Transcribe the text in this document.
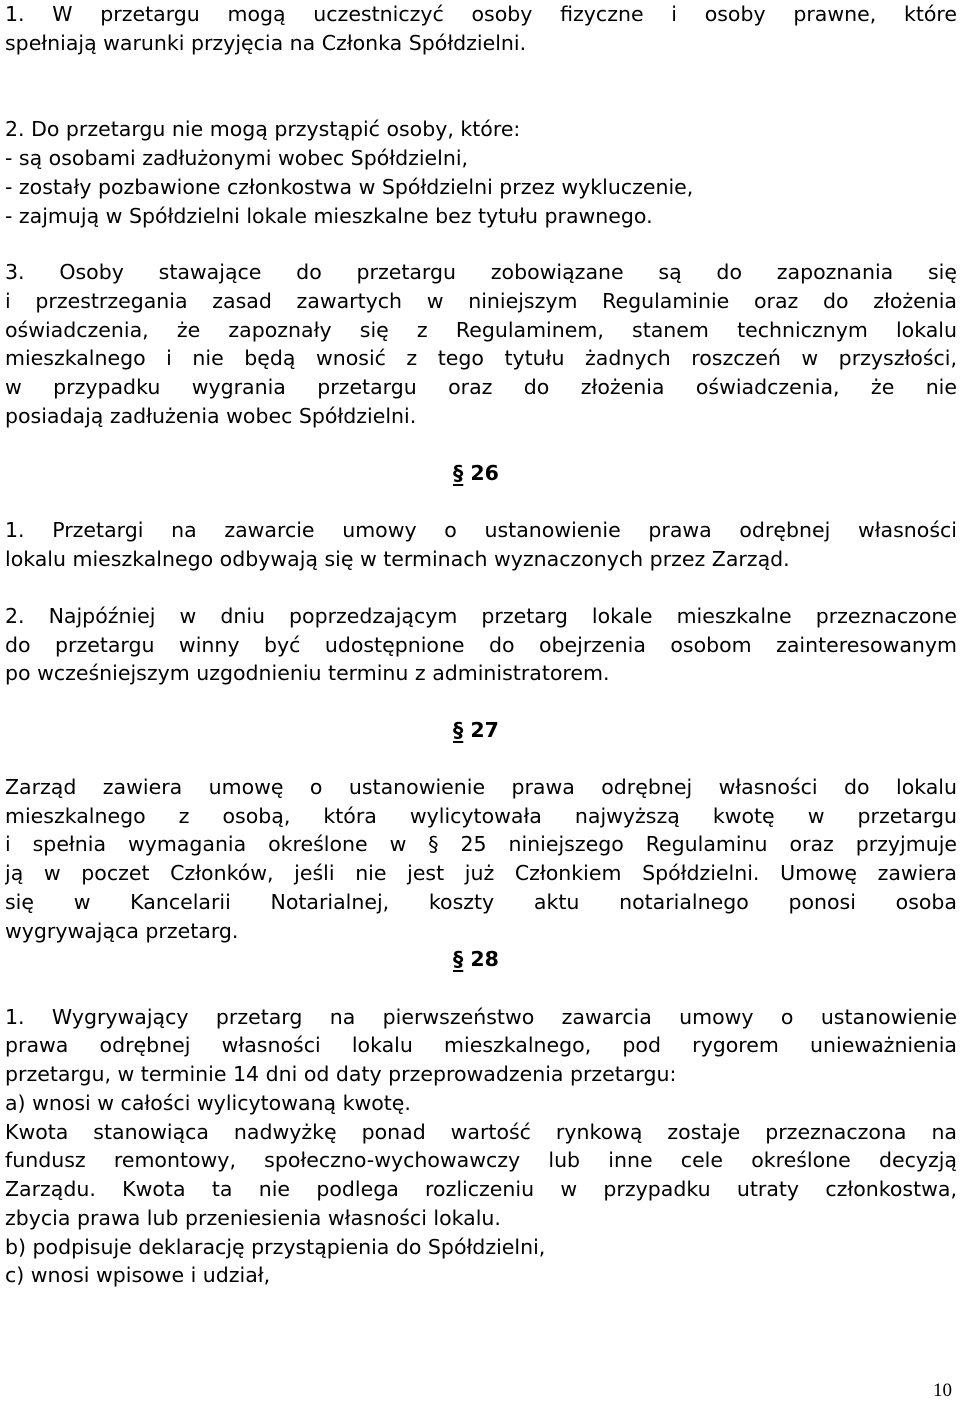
1. W przetargu mogą uczestniczyć osoby fizyczne i osoby prawne, które
spełniają warunki przyjęcia na Członka Spółdzielni.
2. Do przetargu nie mogą przystąpić osoby, które:
- są osobami zadłużonymi wobec Spółdzielni,
- zostały pozbawione członkostwa w Spółdzielni przez wykluczenie,
- zajmują w Spółdzielni lokale mieszkalne bez tytułu prawnego.
3. Osoby stawające do przetargu zobowiązane są do zapoznania się
i przestrzegania zasad zawartych w niniejszym Regulaminie oraz do złożenia
oświadczenia, że zapoznały się z Regulaminem, stanem technicznym lokalu
mieszkalnego i nie będą wnosić z tego tytułu żadnych roszczeń w przyszłości,
w przypadku wygrania przetargu oraz do złożenia oświadczenia, że nie
posiadają zadłużenia wobec Spółdzielni.
§ 26
1. Przetargi na zawarcie umowy o ustanowienie prawa odrębnej własności
lokalu mieszkalnego odbywają się w terminach wyznaczonych przez Zarząd.
2. Najpóźniej w dniu poprzedzającym przetarg lokale mieszkalne przeznaczone
do przetargu winny być udostępnione do obejrzenia osobom zainteresowanym
po wcześniejszym uzgodnieniu terminu z administratorem.
§ 27
Zarząd zawiera umowę o ustanowienie prawa odrębnej własności do lokalu
mieszkalnego z osobą, która wylicytowała najwyższą kwotę w przetargu
i spełnia wymagania określone w § 25 niniejszego Regulaminu oraz przyjmuje
ją w poczet Członków, jeśli nie jest już Członkiem Spółdzielni. Umowę zawiera
się w Kancelarii Notarialnej, koszty aktu notarialnego ponosi osoba
wygrywająca przetarg.
§ 28
1. Wygrywający przetarg na pierwszeństwo zawarcia umowy o ustanowienie
prawa odrębnej własności lokalu mieszkalnego, pod rygorem unieważnienia
przetargu, w terminie 14 dni od daty przeprowadzenia przetargu:
a) wnosi w całości wylicytowaną kwotę.
Kwota stanowiąca nadwyżkę ponad wartość rynkową zostaje przeznaczona na
fundusz remontowy, społeczno-wychowawczy lub inne cele określone decyzją
Zarządu. Kwota ta nie podlega rozliczeniu w przypadku utraty członkostwa,
zbycia prawa lub przeniesienia własności lokalu.
b) podpisuje deklarację przystąpienia do Spółdzielni,
c) wnosi wpisowe i udział,
10
